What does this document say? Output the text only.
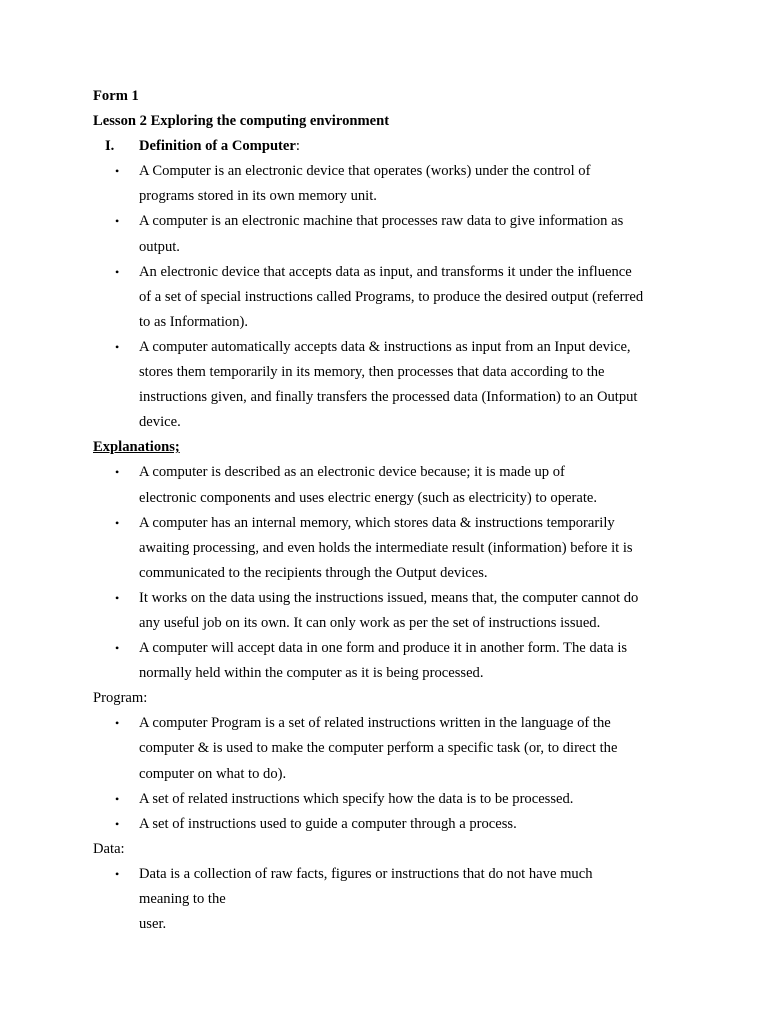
Form 1

Lesson 2 Exploring the computing environment

I. Definition of a Computer:

• A Computer is an electronic device that operates (works) under the control of
programs stored in its own memory unit.
• A computer is an electronic machine that processes raw data to give information as
output.
• An electronic device that accepts data as input, and transforms it under the influence
of a set of special instructions called Programs, to produce the desired output (referred
to as Information).
• A computer automatically accepts data & instructions as input from an Input device,
stores them temporarily in its memory, then processes that data according to the
instructions given, and finally transfers the processed data (Information) to an Output
device.

Explanations;

• A computer is described as an electronic device because; it is made up of
electronic components and uses electric energy (such as electricity) to operate.
• A computer has an internal memory, which stores data & instructions temporarily
awaiting processing, and even holds the intermediate result (information) before it is
communicated to the recipients through the Output devices.
• It works on the data using the instructions issued, means that, the computer cannot do
any useful job on its own. It can only work as per the set of instructions issued.
• A computer will accept data in one form and produce it in another form. The data is
normally held within the computer as it is being processed.

Program:

• A computer Program is a set of related instructions written in the language of the
computer & is used to make the computer perform a specific task (or, to direct the
computer on what to do).
• A set of related instructions which specify how the data is to be processed.
• A set of instructions used to guide a computer through a process.

Data:

• Data is a collection of raw facts, figures or instructions that do not have much
meaning to the

user.
